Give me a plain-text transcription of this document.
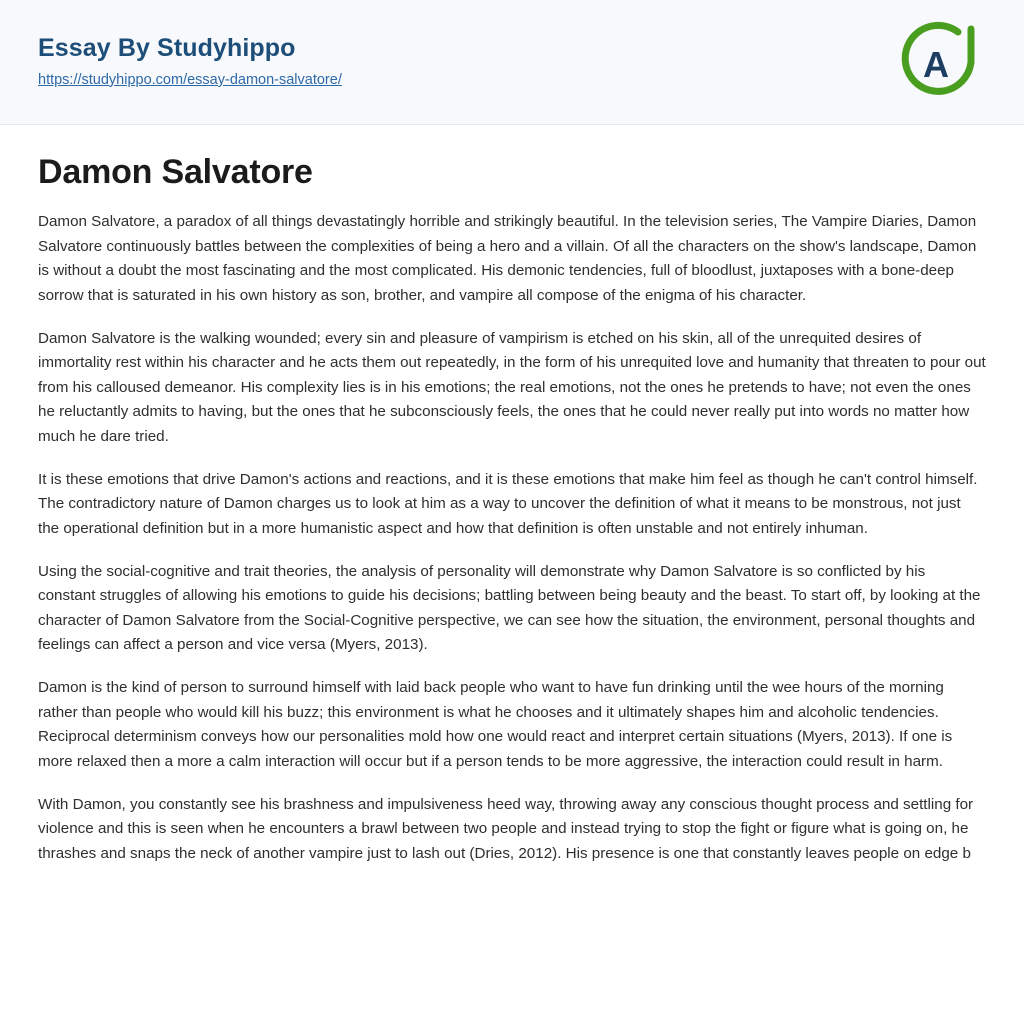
Essay By Studyhippo
https://studyhippo.com/essay-damon-salvatore/	A
Damon Salvatore

Damon Salvatore, a paradox of all things devastatingly horrible and strikingly beautiful. In the television series, The Vampire Diaries, Damon Salvatore continuously battles between the complexities of being a hero and a villain. Of all the characters on the show's landscape, Damon is without a doubt the most fascinating and the most complicated. His demonic tendencies, full of bloodlust, juxtaposes with a bone-deep sorrow that is saturated in his own history as son, brother, and vampire all compose of the enigma of his character.

Damon Salvatore is the walking wounded; every sin and pleasure of vampirism is etched on his skin, all of the unrequited desires of immortality rest within his character and he acts them out repeatedly, in the form of his unrequited love and humanity that threaten to pour out from his calloused demeanor. His complexity lies is in his emotions; the real emotions, not the ones he pretends to have; not even the ones he reluctantly admits to having, but the ones that he subconsciously feels, the ones that he could never really put into words no matter how much he dare tried.

It is these emotions that drive Damon's actions and reactions, and it is these emotions that make him feel as though he can't control himself. The contradictory nature of Damon charges us to look at him as a way to uncover the definition of what it means to be monstrous, not just the operational definition but in a more humanistic aspect and how that definition is often unstable and not entirely inhuman.

Using the social-cognitive and trait theories, the analysis of personality will demonstrate why Damon Salvatore is so conflicted by his constant struggles of allowing his emotions to guide his decisions; battling between being beauty and the beast. To start off, by looking at the character of Damon Salvatore from the Social-Cognitive perspective, we can see how the situation, the environment, personal thoughts and feelings can affect a person and vice versa (Myers, 2013).

Damon is the kind of person to surround himself with laid back people who want to have fun drinking until the wee hours of the morning rather than people who would kill his buzz; this environment is what he chooses and it ultimately shapes him and alcoholic tendencies. Reciprocal determinism conveys how our personalities mold how one would react and interpret certain situations (Myers, 2013). If one is more relaxed then a more a calm interaction will occur but if a person tends to be more aggressive, the interaction could result in harm.

With Damon, you constantly see his brashness and impulsiveness heed way, throwing away any conscious thought process and settling for violence and this is seen when he encounters a brawl between two people and instead trying to stop the fight or figure what is going on, he thrashes and snaps the neck of another vampire just to lash out (Dries, 2012). His presence is one that constantly leaves people on edge b
